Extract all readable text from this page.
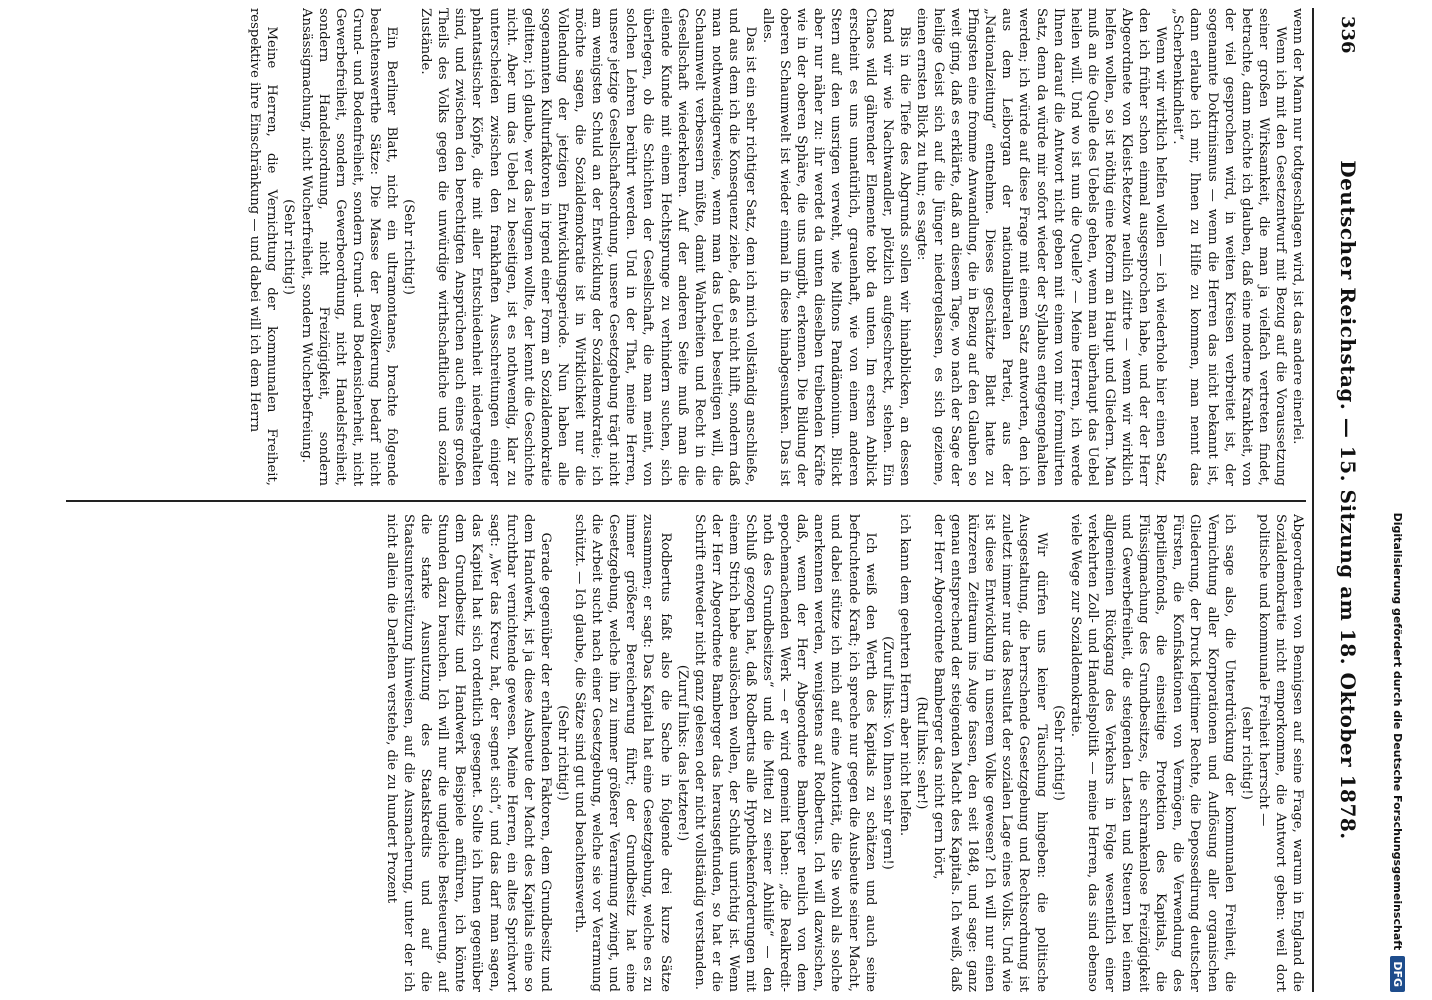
336
Deutscher Reichstag. — 15. Sitzung am 18. Oktober 1878.

wenn der Mann nur todtgeschlagen wird, ist das andere einerlei.

Wenn ich mit den Gesetzentwurf mit Bezug auf die Voraussetzung seiner großen Wirksamkeit, die man ja vielfach vertreten findet, betrachte, dann möchte ich glauben, daß eine moderne Krankheit, von der viel gesprochen wird, in weiten Kreisen verbreitet ist, der sogenannte Doktrinismus — wenn die Herren das nicht bekannt ist, dann erlaube ich mir, Ihnen zu Hilfe zu kommen, man nennt das „Scherbenkindheit“.

Wenn wir wirklich helfen wollen — ich wiederhole hier einen Satz, den ich früher schon einmal ausgesprochen habe, und der der Herr Abgeordnete von Kleist-Retzow neulich zitirte — wenn wir wirklich helfen wollen, so ist nöthig eine Reform an Haupt und Gliedern. Man muß an die Quelle des Uebels gehen, wenn man überhaupt das Uebel heilen will. Und wo ist nun die Quelle? — Meine Herren, ich werde Ihnen darauf die Antwort nicht geben mit einem von mir formulirten Satz, denn da würde mir sofort wieder der Syllabus entgegengehalten werden; ich würde auf diese Frage mit einem Satz antworten, den ich aus dem Leiborgan der nationalliberalen Partei, aus der „Nationalzeitung“ entnehme. Dieses geschätzte Blatt hatte zu Pfingsten eine fromme Anwandlung, die in Bezug auf den Glauben so weit ging, daß es erklärte, daß an diesem Tage, wo nach der Sage der heilige Geist sich auf die Jünger niedergelassen, es sich gezieme, einen ernsten Blick zu thun; es sagte:

Bis in die Tiefe des Abgrunds sollen wir hinabblicken, an dessen Rand wir wie Nachtwandler, plötzlich aufgeschreckt, stehen. Ein Chaos wild gährender Elemente tobt da unten. Im ersten Anblick erscheint es uns unnatürlich, grauenhaft, wie von einem anderen Stern auf den unsrigen verweht, wie Miltons Pandämonium. Blickt aber nur näher zu: ihr werdet da unten dieselben treibenden Kräfte wie in der oberen Sphäre, die uns umgibt, erkennen. Die Bildung der oberen Schaumwelt ist wieder einmal in diese hinabgesunken. Das ist alles.

Das ist ein sehr richtiger Satz, dem ich mich vollständig anschließe, und aus dem ich die Konsequenz ziehe, daß es nicht hilft, sondern daß man nothwendigerweise, wenn man das Uebel beseitigen will, die Schaumwelt verbessern müßte, damit Wahrheiten und Recht in die Gesellschaft wiederkehren. Auf der anderen Seite muß man die eilende Kunde mit einem Hechtsprunge zu verhindern suchen, sich überlegen, ob die Schichten der Gesellschaft, die man meint, von solchen Lehren berührt werden. Und in der That, meine Herren, unsere jetzige Gesellschaftsordnung, unsere Gesetzgebung trägt nicht am wenigsten Schuld an der Entwicklung der Sozialdemokratie; ich möchte sagen, die Sozialdemokratie ist in Wirklichkeit nur die Vollendung der jetzigen Entwicklungsperiode. Nun haben alle sogenannten Kulturfaktoren in irgend einer Form an Sozialdemokratie gelitten; ich glaube, wer das leugnen wollte, der kennt die Geschichte nicht. Aber um das Uebel zu beseitigen, ist es nothwendig, klar zu unterscheiden zwischen den frankhaften Ausschreitungen einiger phantastischer Köpfe, die mit aller Entschiedenheit niedergehalten sind, und zwischen den berechtigten Ansprüchen auch eines großen Theils des Volks gegen die unwürdige wirthschaftliche und soziale Zustände.

(Sehr richtig!)

Ein Berliner Blatt, nicht ein ultramontanes, brachte folgende beachtenswerthe Sätze: Die Masse der Bevölkerung bedarf nicht Grund- und Bodenfreiheit, sondern Grund- und Bodensicherheit, nicht Gewerbefreiheit, sondern Gewerbeordnung, nicht Handelsfreiheit, sondern Handelsordnung, nicht Freizügigkeit, sondern Ansässigmachung, nicht Wucherfreiheit, sondern Wucherbefreiung.

(Sehr richtig!)

Meine Herren, die Vernichtung der kommunalen Freiheit, respektive ihre Einschränkung — und dabei will ich dem Herrn

Abgeordneten von Bennigsen auf seine Frage, warum in England die Sozialdemokratie nicht emporkomme, die Antwort geben: weil dort politische und kommunale Freiheit herrscht —

(sehr richtig!)

ich sage also, die Unterdrückung der kommunalen Freiheit, die Vernichtung aller Korporationen und Auflösung aller organischen Gliederung, der Druck legitimer Rechte, die Depossedirung deutscher Fürsten, die Konfiskationen von Vermögen, die Verwendung des Reptilienfonds, die einseitige Protektion des Kapitals, die Flüssigmachung des Grundbesitzes, die schrankenlose Freizügigkeit und Gewerbefreiheit, die steigenden Lasten und Steuern bei einem allgemeinen Rückgang des Verkehrs in Folge wesentlich einer verkehrten Zoll- und Handelspolitik — meine Herren, das sind ebenso viele Wege zur Sozialdemokratie.

(Sehr richtig!)

Wir dürfen uns keiner Täuschung hingeben: die politische Ausgestaltung, die herrschende Gesetzgebung und Rechtsordnung ist zuletzt immer nur das Resultat der sozialen Lage eines Volks. Und wie ist diese Entwicklung in unserem Volke gewesen? Ich will nur einen kürzeren Zeitraum ins Auge fassen, den seit 1848, und sage: ganz genau entsprechend der steigenden Macht des Kapitals. Ich weiß, daß der Herr Abgeordnete Bamberger das nicht gern hört,

(Ruf links: sehr!)

ich kann dem geehrten Herrn aber nicht helfen.

(Zuruf links: Von Ihnen sehr gern!)

Ich weiß den Werth des Kapitals zu schätzen und auch seine befruchtende Kraft; ich spreche nur gegen die Ausbeute seiner Macht, und dabei stütze ich mich auf eine Autorität, die Sie wohl als solche anerkennen werden, wenigstens auf Rodbertus. Ich will dazwischen, daß, wenn der Herr Abgeordnete Bamberger neulich von dem epochemachenden Werk — er wird gemeint haben: „die Realkredit-noth des Grundbesitzes“ und die Mittel zu seiner Abhilfe“ — den Schluß gezogen hat, daß Rodbertus alle Hypothekenforderungen mit einem Strich habe auslöschen wollen, der Schluß unrichtig ist. Wenn der Herr Abgeordnete Bamberger das herausgefunden, so hat er die Schrift entweder nicht ganz gelesen oder nicht vollständig verstanden.

(Zuruf links: das letztere!)

Rodbertus faßt also die Sache in folgende drei kurze Sätze zusammen; er sagt: Das Kapital hat eine Gesetzgebung, welche es zu immer größerer Bereicherung führt; der Grundbesitz hat eine Gesetzgebung, welche ihn zu immer größerer Verarmung zwingt, und die Arbeit sucht nach einer Gesetzgebung, welche sie vor Verarmung schützt. — Ich glaube, die Sätze sind gut und beachtenswerth.

(Sehr richtig!)

Gerade gegenüber der erhaltenden Faktoren, dem Grundbesitz und dem Handwerk, ist ja diese Ausbeute der Macht des Kapitals eine so furchtbar vernichtende gewesen. Meine Herren, ein altes Sprichwort sagt: „Wer das Kreuz hat, der segnet sich“, und das darf man sagen, das Kapital hat sich ordentlich gesegnet. Sollte ich Ihnen gegenüber dem Grundbesitz und Handwerk Beispiele anführen, ich könnte Stunden dazu brauchen. Ich will nur die ungleiche Besteuerung, auf die starke Ausnutzung des Staatskredits und auf die Staatsunterstützung hinweisen, auf die Ausmacherung, unter der ich nicht allein die Darlehen verstehe, die zu hundert Prozent	Digitalisierung gefördert durch die Deutsche Forschungsgemeinschaft
DFG
